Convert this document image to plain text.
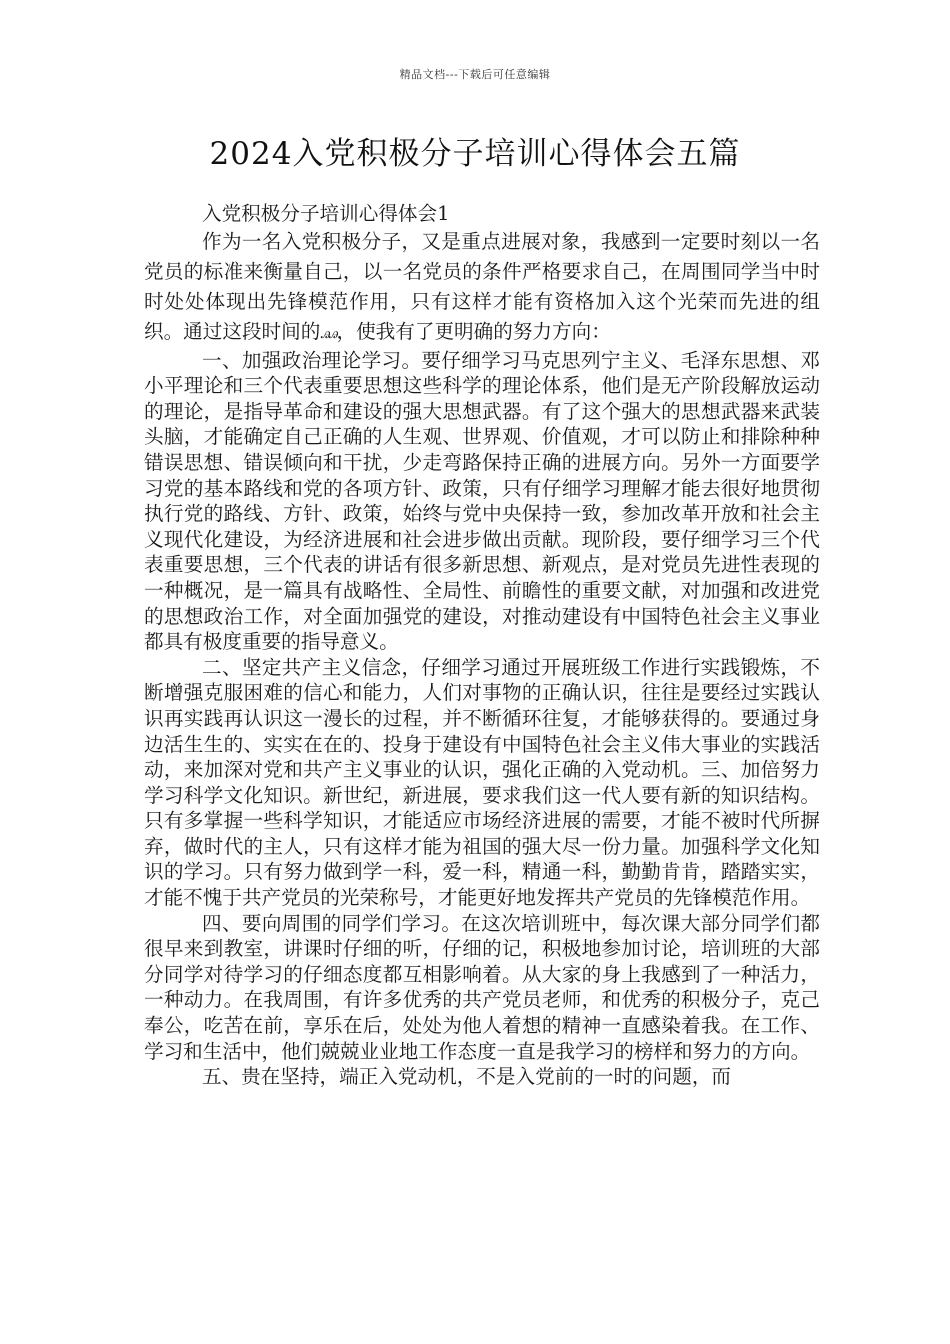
精品文档---下载后可任意编辑
2024入党积极分子培训心得体会五篇

入党积极分子培训心得体会1

作为一名入党积极分子，又是重点进展对象，我感到一定要时刻以一名党员的标准来衡量自己，以一名党员的条件严格要求自己，在周围同学当中时时处处体现出先锋模范作用，只有这样才能有资格加入这个光荣而先进的组织。通过这段时间的ꭿꭿ，使我有了更明确的努力方向：

一、加强政治理论学习。要仔细学习马克思列宁主义、毛泽东思想、邓小平理论和三个代表重要思想这些科学的理论体系，他们是无产阶段解放运动的理论，是指导革命和建设的强大思想武器。有了这个强大的思想武器来武装头脑，才能确定自己正确的人生观、世界观、价值观，才可以防止和排除种种错误思想、错误倾向和干扰，少走弯路保持正确的进展方向。另外一方面要学习党的基本路线和党的各项方针、政策，只有仔细学习理解才能去很好地贯彻执行党的路线、方针、政策，始终与党中央保持一致，参加改革开放和社会主义现代化建设，为经济进展和社会进步做出贡献。现阶段，要仔细学习三个代表重要思想，三个代表的讲话有很多新思想、新观点，是对党员先进性表现的一种概况，是一篇具有战略性、全局性、前瞻性的重要文献，对加强和改进党的思想政治工作，对全面加强党的建设，对推动建设有中国特色社会主义事业都具有极度重要的指导意义。

二、坚定共产主义信念，仔细学习通过开展班级工作进行实践锻炼，不断增强克服困难的信心和能力，人们对事物的正确认识，往往是要经过实践认识再实践再认识这一漫长的过程，并不断循环往复，才能够获得的。要通过身边活生生的、实实在在的、投身于建设有中国特色社会主义伟大事业的实践活动，来加深对党和共产主义事业的认识，强化正确的入党动机。三、加倍努力学习科学文化知识。新世纪，新进展，要求我们这一代人要有新的知识结构。只有多掌握一些科学知识，才能适应市场经济进展的需要，才能不被时代所摒弃，做时代的主人，只有这样才能为祖国的强大尽一份力量。加强科学文化知识的学习。只有努力做到学一科，爱一科，精通一科，勤勤肯肯，踏踏实实，才能不愧于共产党员的光荣称号，才能更好地发挥共产党员的先锋模范作用。

四、要向周围的同学们学习。在这次培训班中，每次课大部分同学们都很早来到教室，讲课时仔细的听，仔细的记，积极地参加讨论，培训班的大部分同学对待学习的仔细态度都互相影响着。从大家的身上我感到了一种活力，一种动力。在我周围，有许多优秀的共产党员老师，和优秀的积极分子，克己奉公，吃苦在前，享乐在后，处处为他人着想的精神一直感染着我。在工作、学习和生活中，他们兢兢业业地工作态度一直是我学习的榜样和努力的方向。

五、贵在坚持，端正入党动机，不是入党前的一时的问题，而
